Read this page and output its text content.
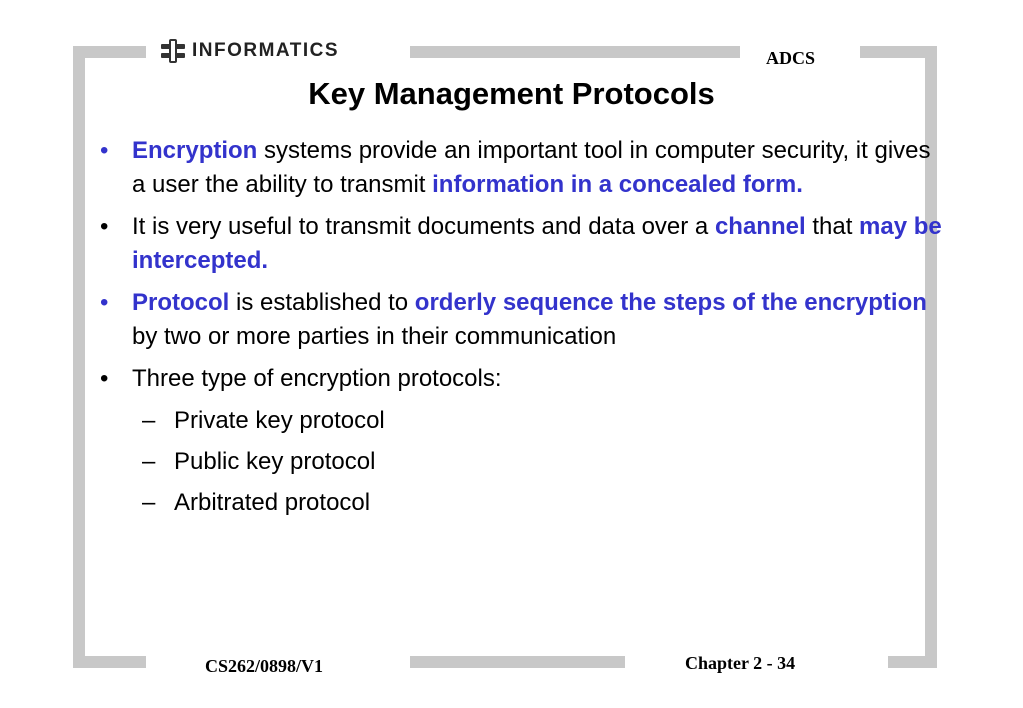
INFORMATICS	ADCS
Key Management Protocols
• Encryption systems provide an important tool in computer security, it gives a user the ability to transmit information in a concealed form.
• It is very useful to transmit documents and data over a channel that may be intercepted.
• Protocol is established to orderly sequence the steps of the encryption by two or more parties in their communication
• Three type of encryption protocols:
– Private key protocol
– Public key protocol
– Arbitrated protocol
CS262/0898/V1	Chapter 2 - 34
